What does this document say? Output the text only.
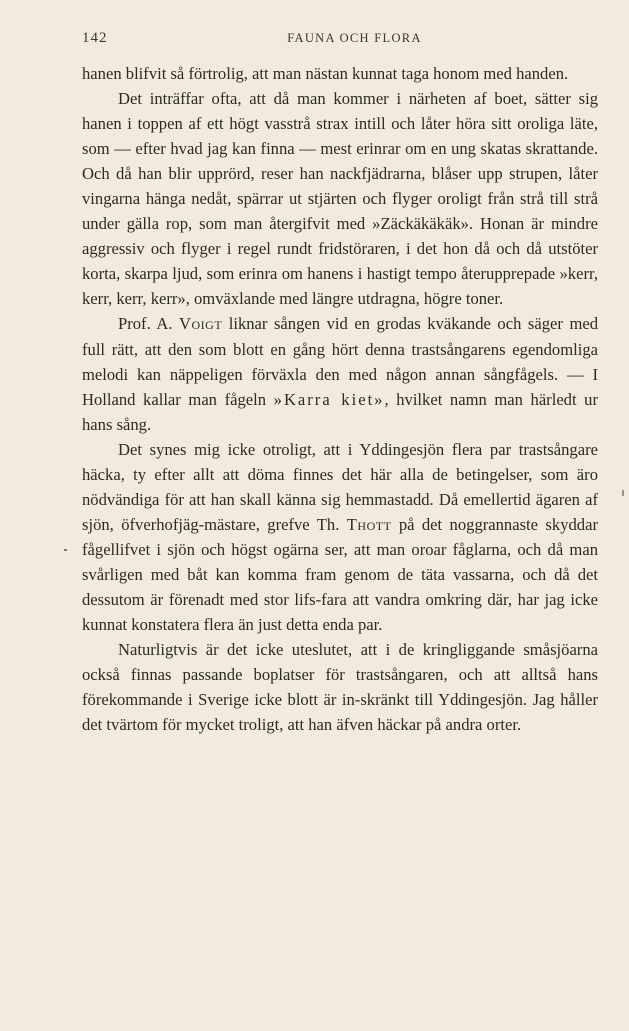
142	FAUNA OCH FLORA

hanen blifvit så förtrolig, att man nästan kunnat taga honom med handen.

Det inträffar ofta, att då man kommer i närheten af boet, sätter sig hanen i toppen af ett högt vasstrå strax intill och låter höra sitt oroliga läte, som — efter hvad jag kan finna — mest erinrar om en ung skatas skrattande. Och då han blir upprörd, reser han nackfjädrarna, blåser upp strupen, låter vingarna hänga nedåt, spärrar ut stjärten och flyger oroligt från strå till strå under gälla rop, som man återgifvit med »Zäckäkäkäk». Honan är mindre aggressiv och flyger i regel rundt fridstöraren, i det hon då och då utstöter korta, skarpa ljud, som erinra om hanens i hastigt tempo återupprepade »kerr, kerr, kerr, kerr», omväxlande med längre utdragna, högre toner.

Prof. A. Voigt liknar sången vid en grodas kväkande och säger med full rätt, att den som blott en gång hört denna trastsångarens egendomliga melodi kan näppeligen förväxla den med någon annan sångfågels. — I Holland kallar man fågeln »Karra kiet», hvilket namn man härledt ur hans sång.

Det synes mig icke otroligt, att i Yddingesjön flera par trastsångare häcka, ty efter allt att döma finnes det här alla de betingelser, som äro nödvändiga för att han skall känna sig hemmastadd. Då emellertid ägaren af sjön, öfverhofjäg-mästare, grefve Th. Thott på det noggrannaste skyddar fågellifvet i sjön och högst ogärna ser, att man oroar fåglarna, och då man svårligen med båt kan komma fram genom de täta vassarna, och då det dessutom är förenadt med stor lifs-fara att vandra omkring där, har jag icke kunnat konstatera flera än just detta enda par.

Naturligtvis är det icke uteslutet, att i de kringliggande småsjöarna också finnas passande boplatser för trastsångaren, och att alltså hans förekommande i Sverige icke blott är in-skränkt till Yddingesjön. Jag håller det tvärtom för mycket troligt, att han äfven häckar på andra orter.
